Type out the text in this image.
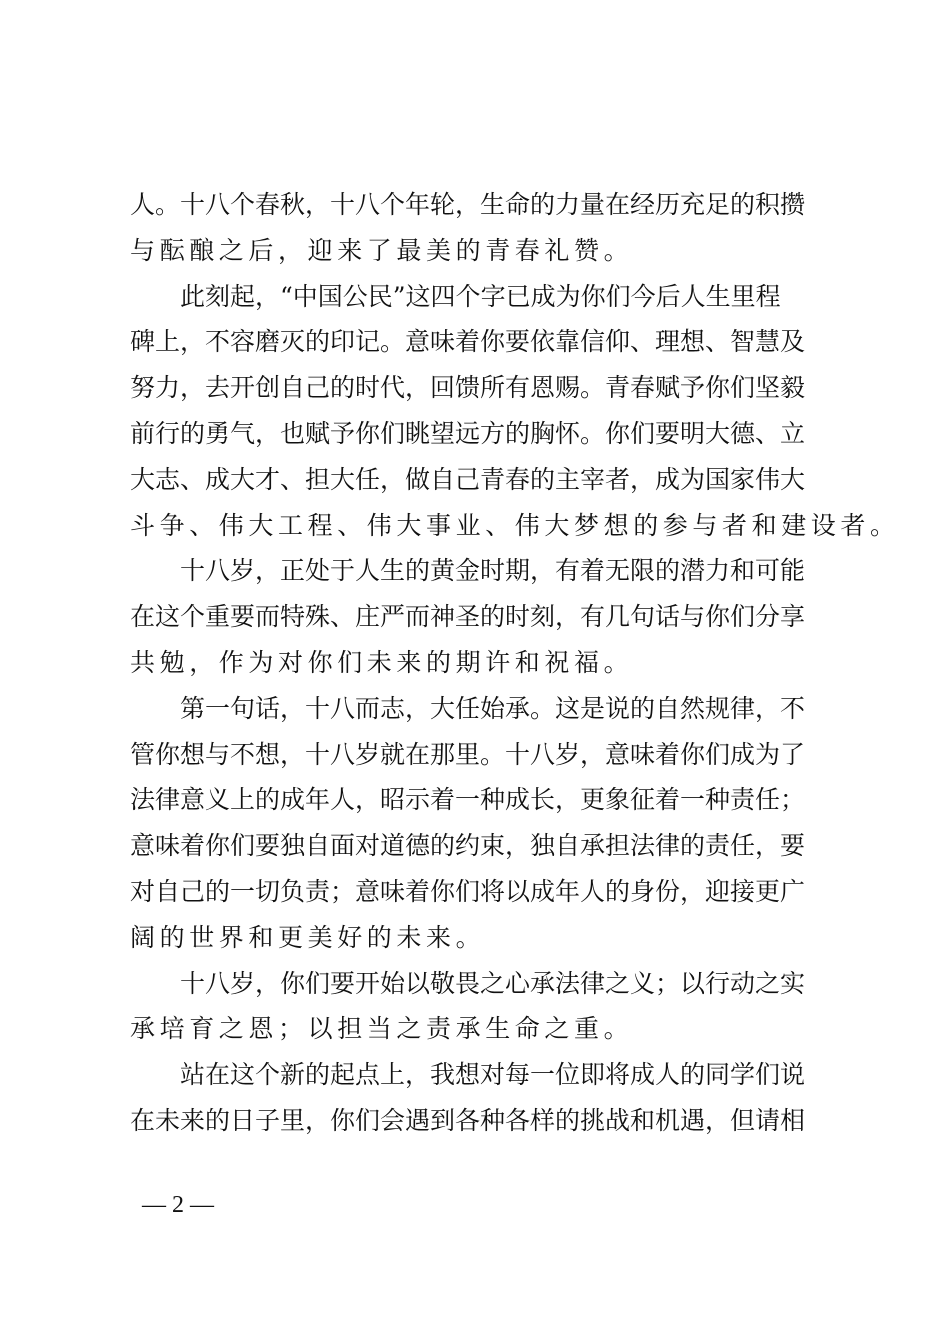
人。十八个春秋，十八个年轮，生命的力量在经历充足的积攒
与酝酿之后，迎来了最美的青春礼赞。
此刻起，“中国公民”这四个字已成为你们今后人生里程
碑上，不容磨灭的印记。意味着你要依靠信仰、理想、智慧及
努力，去开创自己的时代，回馈所有恩赐。青春赋予你们坚毅
前行的勇气，也赋予你们眺望远方的胸怀。你们要明大德、立
大志、成大才、担大任，做自己青春的主宰者，成为国家伟大
斗争、伟大工程、伟大事业、伟大梦想的参与者和建设者。
十八岁，正处于人生的黄金时期，有着无限的潜力和可能
在这个重要而特殊、庄严而神圣的时刻，有几句话与你们分享
共勉，作为对你们未来的期许和祝福。
第一句话，十八而志，大任始承。这是说的自然规律，不
管你想与不想，十八岁就在那里。十八岁，意味着你们成为了
法律意义上的成年人，昭示着一种成长，更象征着一种责任；
意味着你们要独自面对道德的约束，独自承担法律的责任，要
对自己的一切负责；意味着你们将以成年人的身份，迎接更广
阔的世界和更美好的未来。
十八岁，你们要开始以敬畏之心承法律之义；以行动之实
承培育之恩；以担当之责承生命之重。
站在这个新的起点上，我想对每一位即将成人的同学们说
在未来的日子里，你们会遇到各种各样的挑战和机遇，但请相
— 2 —
